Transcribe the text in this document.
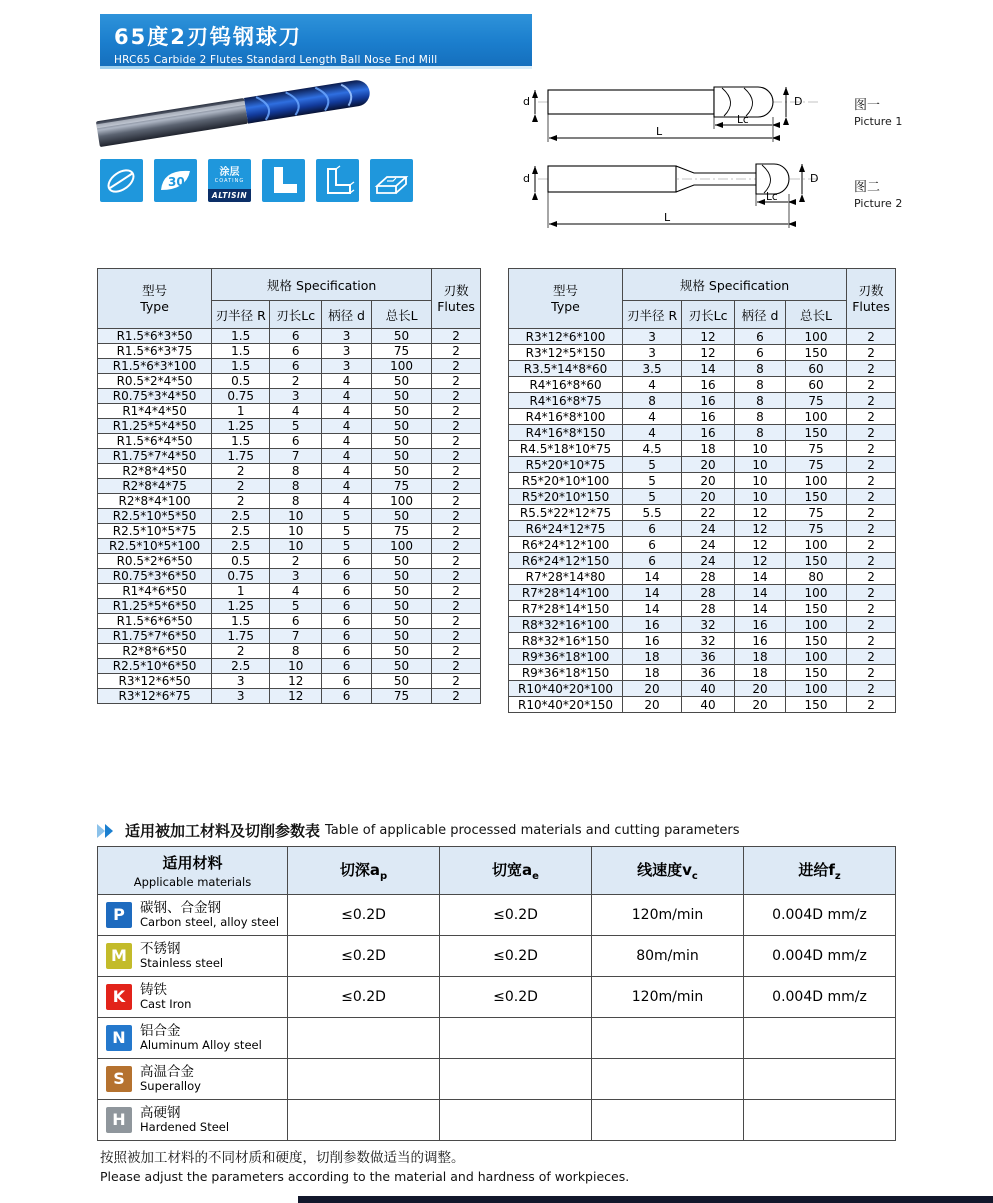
65度2刃钨钢球刀
HRC65 Carbide 2 Flutes Standard Length Ball Nose End Mill
30
涂层
COATING
ALTISIN
d	D
Lc
L
图一
Picture 1
d	D
Lc
L
图二
Picture 2
型号
Type
	规格 Specification	刃数
Flutes

	刃半径 R	刃长Lc	柄径 d	总长L	
R1.5*6*3*50	1.5	6	3	50	2
R1.5*6*3*75	1.5	6	3	75	2
R1.5*6*3*100	1.5	6	3	100	2
R0.5*2*4*50	0.5	2	4	50	2
R0.75*3*4*50	0.75	3	4	50	2
R1*4*4*50	1	4	4	50	2
R1.25*5*4*50	1.25	5	4	50	2
R1.5*6*4*50	1.5	6	4	50	2
R1.75*7*4*50	1.75	7	4	50	2
R2*8*4*50	2	8	4	50	2
R2*8*4*75	2	8	4	75	2
R2*8*4*100	2	8	4	100	2
R2.5*10*5*50	2.5	10	5	50	2
R2.5*10*5*75	2.5	10	5	75	2
R2.5*10*5*100	2.5	10	5	100	2
R0.5*2*6*50	0.5	2	6	50	2
R0.75*3*6*50	0.75	3	6	50	2
R1*4*6*50	1	4	6	50	2
R1.25*5*6*50	1.25	5	6	50	2
R1.5*6*6*50	1.5	6	6	50	2
R1.75*7*6*50	1.75	7	6	50	2
R2*8*6*50	2	8	6	50	2
R2.5*10*6*50	2.5	10	6	50	2
R3*12*6*50	3	12	6	50	2
R3*12*6*75	3	12	6	75	2
型号
Type
	规格 Specification	刃数
Flutes

	刃半径 R	刃长Lc	柄径 d	总长L	
R3*12*6*100	3	12	6	100	2
R3*12*5*150	3	12	6	150	2
R3.5*14*8*60	3.5	14	8	60	2
R4*16*8*60	4	16	8	60	2
R4*16*8*75	8	16	8	75	2
R4*16*8*100	4	16	8	100	2
R4*16*8*150	4	16	8	150	2
R4.5*18*10*75	4.5	18	10	75	2
R5*20*10*75	5	20	10	75	2
R5*20*10*100	5	20	10	100	2
R5*20*10*150	5	20	10	150	2
R5.5*22*12*75	5.5	22	12	75	2
R6*24*12*75	6	24	12	75	2
R6*24*12*100	6	24	12	100	2
R6*24*12*150	6	24	12	150	2
R7*28*14*80	14	28	14	80	2
R7*28*14*100	14	28	14	100	2
R7*28*14*150	14	28	14	150	2
R8*32*16*100	16	32	16	100	2
R8*32*16*150	16	32	16	150	2
R9*36*18*100	18	36	18	100	2
R9*36*18*150	18	36	18	150	2
R10*40*20*100	20	40	20	100	2
R10*40*20*150	20	40	20	150	2
适用被加工材料及切削参数表 Table of applicable processed materials and cutting parameters
适用材料
Applicable materials	切深$a_p$	切宽$a_e$	线速度$v_c$	进给$f_z$
P 碳钢、合金钢
Carbon steel, alloy steel	≤0.2D	≤0.2D	120m/min	0.004D mm/z
M 不锈钢
Stainless steel	≤0.2D	≤0.2D	80m/min	0.004D mm/z
K 铸铁
Cast Iron	≤0.2D	≤0.2D	120m/min	0.004D mm/z
N 铝合金
Aluminum Alloy steel				

S 高温合金
Superalloy				

H 高硬钢
Hardened Steel				

按照被加工材料的不同材质和硬度，切削参数做适当的调整。
Please adjust the parameters according to the material and hardness of workpieces.
